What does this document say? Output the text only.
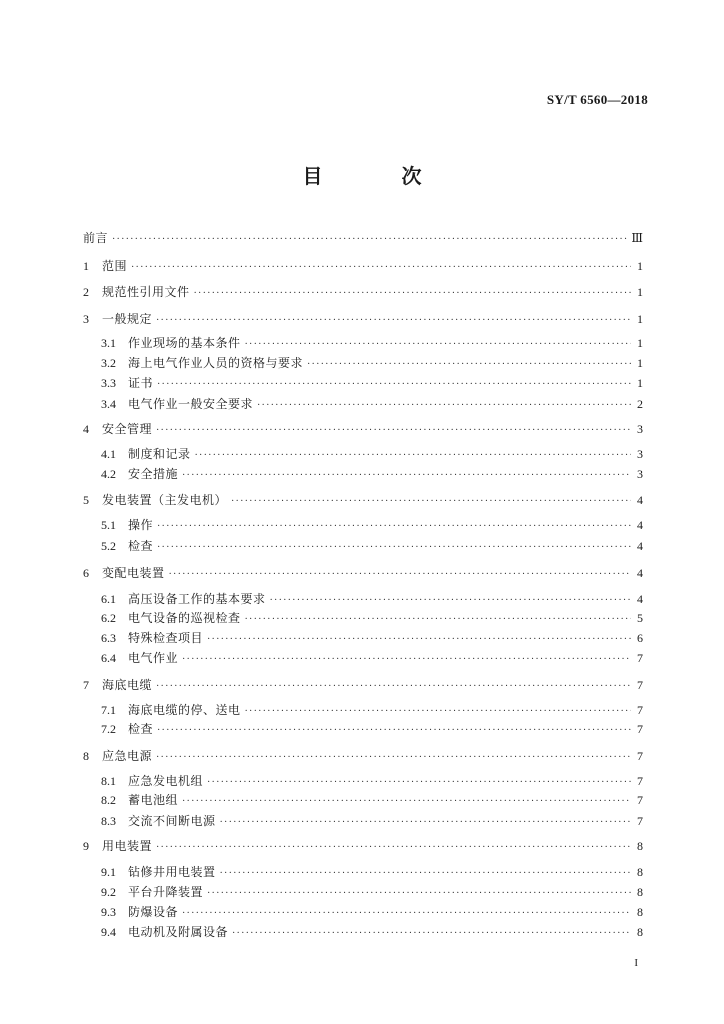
SY/T 6560—2018
目 次
前言 ·····	Ⅲ
1	范围 ·····	1
2	规范性引用文件 ·····	1
3	一般规定 ·····	1
3.1	作业现场的基本条件 ·····	1
3.2	海上电气作业人员的资格与要求 ·····	1
3.3	证书 ·····	1
3.4	电气作业一般安全要求 ·····	2
4	安全管理 ·····	3
4.1	制度和记录 ·····	3
4.2	安全措施 ·····	3
5	发电装置（主发电机） ·····	4
5.1	操作 ·····	4
5.2	检查 ·····	4
6	变配电装置 ·····	4
6.1	高压设备工作的基本要求 ·····	4
6.2	电气设备的巡视检查 ·····	5
6.3	特殊检查项目 ·····	6
6.4	电气作业 ·····	7
7	海底电缆 ·····	7
7.1	海底电缆的停、送电 ·····	7
7.2	检查 ·····	7
8	应急电源 ·····	7
8.1	应急发电机组 ·····	7
8.2	蓄电池组 ·····	7
8.3	交流不间断电源 ·····	7
9	用电装置 ·····	8
9.1	钻修井用电装置 ·····	8
9.2	平台升降装置 ·····	8
9.3	防爆设备 ·····	8
9.4	电动机及附属设备 ·····	8
I
